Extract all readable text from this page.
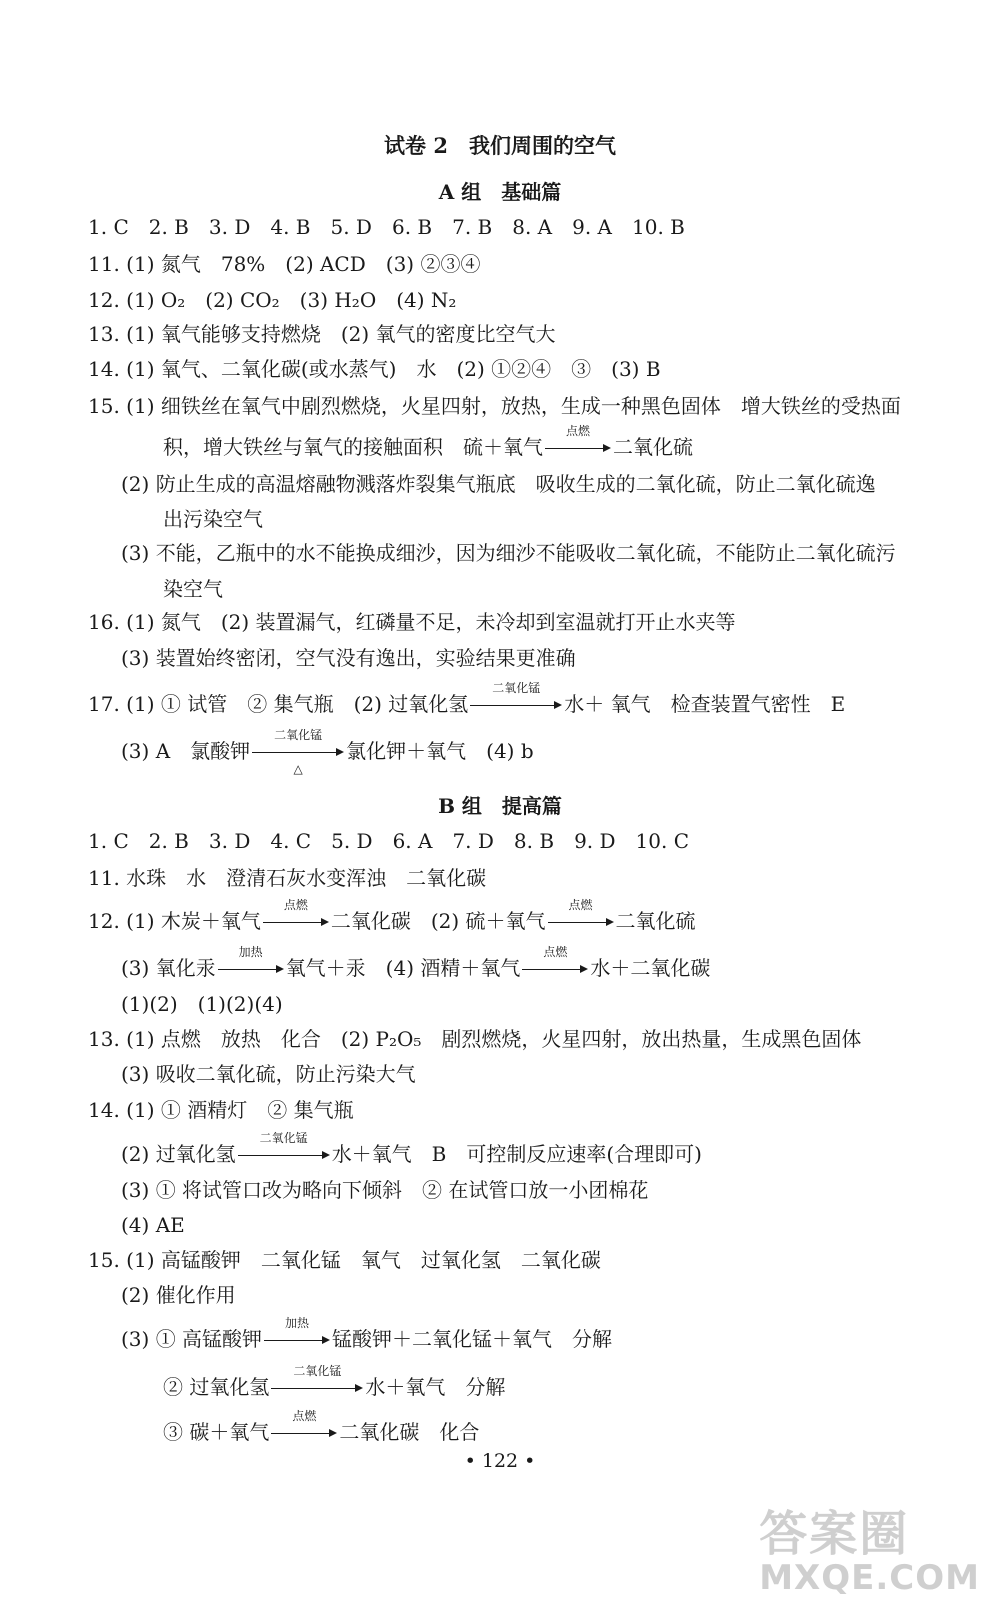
试卷 2　我们周围的空气
A 组　基础篇
1. C　2. B　3. D　4. B　5. D　6. B　7. B　8. A　9. A　10. B
11. (1) 氮气　78%　(2) ACD　(3) ②③④
12. (1) O₂　(2) CO₂　(3) H₂O　(4) N₂
13. (1) 氧气能够支持燃烧　(2) 氧气的密度比空气大
14. (1) 氧气、二氧化碳(或水蒸气)　水　(2) ①②④　③　(3) B
15. (1) 细铁丝在氧气中剧烈燃烧，火星四射，放热，生成一种黑色固体　增大铁丝的受热面
积，增大铁丝与氧气的接触面积　硫＋氧气
点燃
二氧化硫
(2) 防止生成的高温熔融物溅落炸裂集气瓶底　吸收生成的二氧化硫，防止二氧化硫逸
出污染空气
(3) 不能，乙瓶中的水不能换成细沙，因为细沙不能吸收二氧化硫，不能防止二氧化硫污
染空气
16. (1) 氮气　(2) 装置漏气，红磷量不足，未冷却到室温就打开止水夹等
(3) 装置始终密闭，空气没有逸出，实验结果更准确
17. (1) ① 试管　② 集气瓶　(2) 过氧化氢
二氧化锰
水＋ 氧气　检查装置气密性　E
(3) A　氯酸钾
二氧化锰
△
氯化钾＋氧气　(4) b
B 组　提高篇
1. C　2. B　3. D　4. C　5. D　6. A　7. D　8. B　9. D　10. C
11. 水珠　水　澄清石灰水变浑浊　二氧化碳
12. (1) 木炭＋氧气
点燃
二氧化碳　(2) 硫＋氧气
点燃
二氧化硫
(3) 氧化汞
加热
氧气＋汞　(4) 酒精＋氧气
点燃
水＋二氧化碳
(1)(2)　(1)(2)(4)
13. (1) 点燃　放热　化合　(2) P₂O₅　剧烈燃烧，火星四射，放出热量，生成黑色固体
(3) 吸收二氧化硫，防止污染大气
14. (1) ① 酒精灯　② 集气瓶
(2) 过氧化氢
二氧化锰
水＋氧气　B　可控制反应速率(合理即可)
(3) ① 将试管口改为略向下倾斜　② 在试管口放一小团棉花
(4) AE
15. (1) 高锰酸钾　二氧化锰　氧气　过氧化氢　二氧化碳
(2) 催化作用
(3) ① 高锰酸钾
加热
锰酸钾＋二氧化锰＋氧气　分解
② 过氧化氢
二氧化锰
水＋氧气　分解
③ 碳＋氧气
点燃
二氧化碳　化合
• 122 •
答案圈
MXQE.COM
